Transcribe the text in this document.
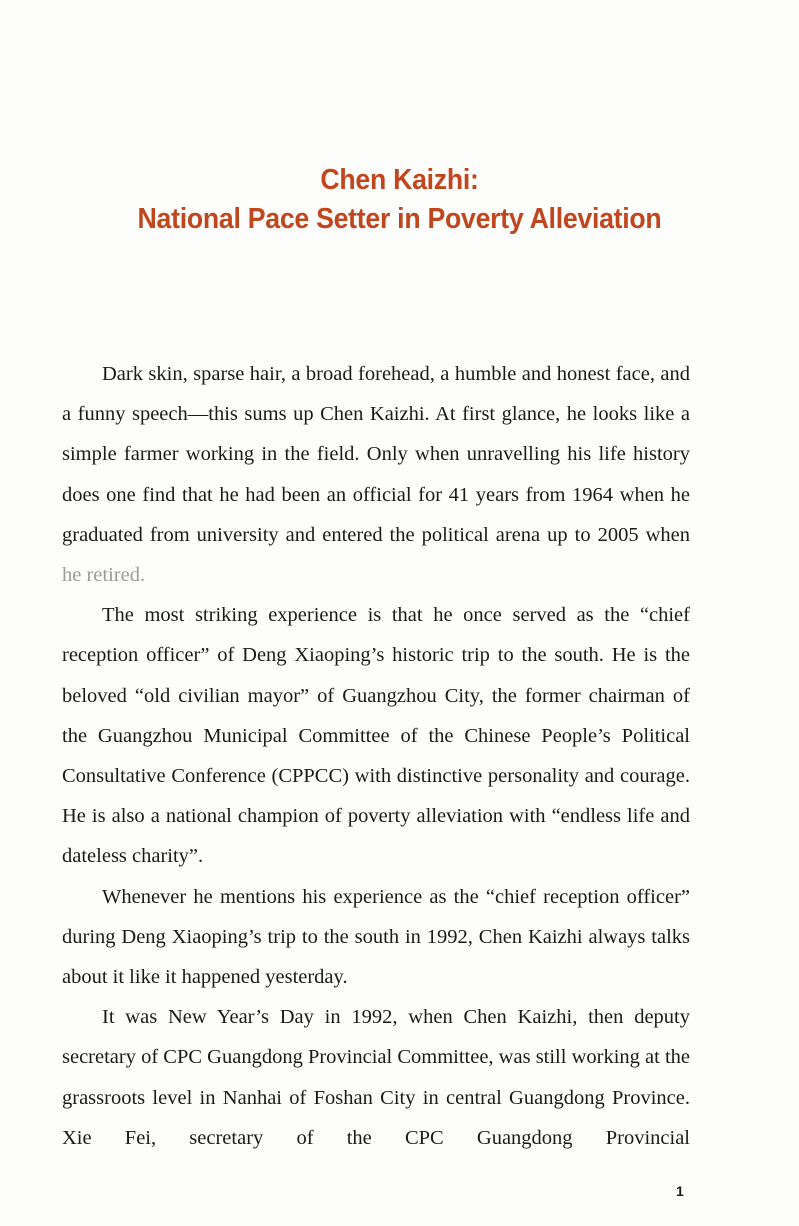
Chen Kaizhi:
National Pace Setter in Poverty Alleviation

Dark skin, sparse hair, a broad forehead, a humble and honest face, and a funny speech—this sums up Chen Kaizhi. At first glance, he looks like a simple farmer working in the field. Only when unravelling his life history does one find that he had been an official for 41 years from 1964 when he graduated from university and entered the political arena up to 2005 when he retired.

The most striking experience is that he once served as the “chief reception officer” of Deng Xiaoping’s historic trip to the south. He is the beloved “old civilian mayor” of Guangzhou City, the former chairman of the Guangzhou Municipal Committee of the Chinese People’s Political Consultative Conference (CPPCC) with distinctive personality and courage. He is also a national champion of poverty alleviation with “endless life and dateless charity”.

Whenever he mentions his experience as the “chief reception officer” during Deng Xiaoping’s trip to the south in 1992, Chen Kaizhi always talks about it like it happened yesterday.

It was New Year’s Day in 1992, when Chen Kaizhi, then deputy secretary of CPC Guangdong Provincial Committee, was still working at the grassroots level in Nanhai of Foshan City in central Guangdong Province. Xie Fei, secretary of the CPC Guangdong Provincial

1
